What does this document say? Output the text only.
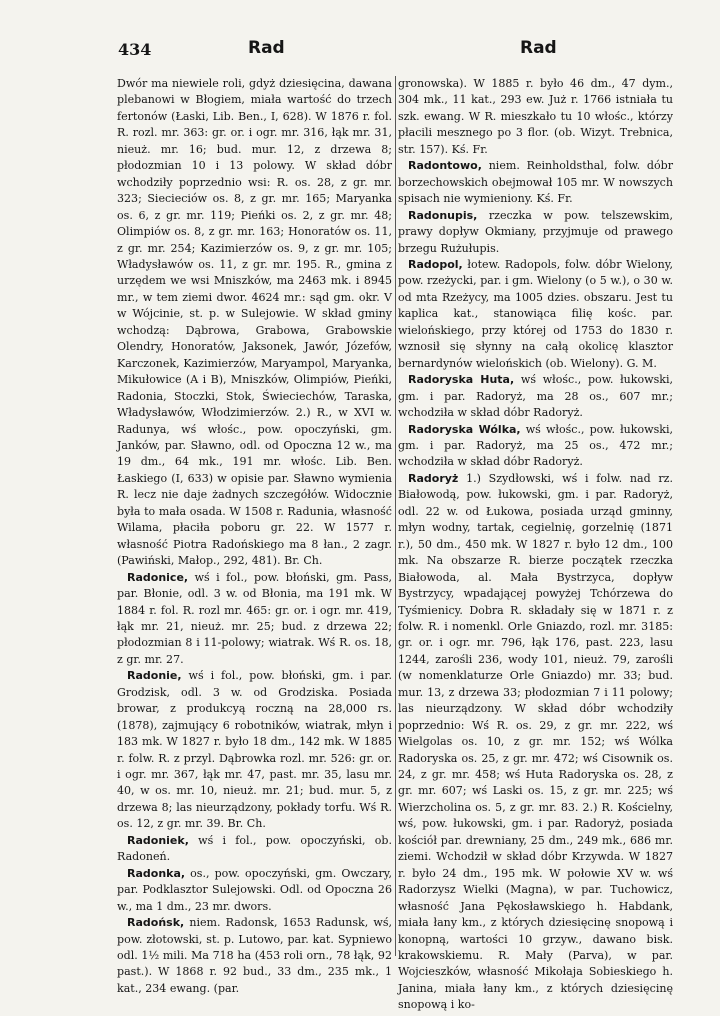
434	Rad	Rad

Dwór ma niewiele roli, gdyż dziesięcina, dawana plebanowi w Błogiem, miała wartość do trzech fertonów (Łaski, Lib. Ben., I, 628). W 1876 r. fol. R. rozl. mr. 363: gr. or. i ogr. mr. 316, łąk mr. 31, nieuż. mr. 16; bud. mur. 12, z drzewa 8; płodozmian 10 i 13 polowy. W skład dóbr wchodziły poprzednio wsi: R. os. 28, z gr. mr. 323; Siecieciów os. 8, z gr. mr. 165; Maryanka os. 6, z gr. mr. 119; Pieńki os. 2, z gr. mr. 48; Olimpiów os. 8, z gr. mr. 163; Honoratów os. 11, z gr. mr. 254; Kazimierzów os. 9, z gr. mr. 105; Władysławów os. 11, z gr. mr. 195. R., gmina z urzędem we wsi Mniszków, ma 2463 mk. i 8945 mr., w tem ziemi dwor. 4624 mr.: sąd gm. okr. V w Wójcinie, st. p. w Sulejowie. W skład gminy wchodzą: Dąbrowa, Grabowa, Grabowskie Olendry, Honoratów, Jaksonek, Jawór, Józefów, Karczonek, Kazimierzów, Maryampol, Maryanka, Mikułowice (A i B), Mniszków, Olimpiów, Pieńki, Radonia, Stoczki, Stok, Świeciechów, Taraska, Władysławów, Włodzimierzów. 2.) R., w XVI w. Radunya, wś włośc., pow. opoczyński, gm. Janków, par. Sławno, odl. od Opoczna 12 w., ma 19 dm., 64 mk., 191 mr. włośc. Lib. Ben. Łaskiego (I, 633) w opisie par. Sławno wymienia R. lecz nie daje żadnych szczegółów. Widocznie była to mała osada. W 1508 r. Radunia, własność Wilama, płaciła poboru gr. 22. W 1577 r. własność Piotra Radońskiego ma 8 łan., 2 zagr. (Pawiński, Małop., 292, 481). Br. Ch.

Radonice, wś i fol., pow. błoński, gm. Pass, par. Błonie, odl. 3 w. od Błonia, ma 191 mk. W 1884 r. fol. R. rozl mr. 465: gr. or. i ogr. mr. 419, łąk mr. 21, nieuż. mr. 25; bud. z drzewa 22; płodozmian 8 i 11-polowy; wiatrak. Wś R. os. 18, z gr. mr. 27.

Radonie, wś i fol., pow. błoński, gm. i par. Grodzisk, odl. 3 w. od Grodziska. Posiada browar, z produkcyą roczną na 28,000 rs. (1878), zajmujący 6 robotników, wiatrak, młyn i 183 mk. W 1827 r. było 18 dm., 142 mk. W 1885 r. folw. R. z przyl. Dąbrowka rozl. mr. 526: gr. or. i ogr. mr. 367, łąk mr. 47, past. mr. 35, lasu mr. 40, w os. mr. 10, nieuż. mr. 21; bud. mur. 5, z drzewa 8; las nieurządzony, pokłady torfu. Wś R. os. 12, z gr. mr. 39. Br. Ch.

Radoniek, wś i fol., pow. opoczyński, ob. Radoneń.

Radonka, os., pow. opoczyński, gm. Owczary, par. Podklasztor Sulejowski. Odl. od Opoczna 26 w., ma 1 dm., 23 mr. dwors.

Radońsk, niem. Radonsk, 1653 Radunsk, wś, pow. złotowski, st. p. Lutowo, par. kat. Sypniewo odl. 1½ mili. Ma 718 ha (453 roli orn., 78 łąk, 92 past.). W 1868 r. 92 bud., 33 dm., 235 mk., 1 kat., 234 ewang. (par.

gronowska). W 1885 r. było 46 dm., 47 dym., 304 mk., 11 kat., 293 ew. Już r. 1766 istniała tu szk. ewang. W R. mieszkało tu 10 włośc., którzy płacili mesznego po 3 flor. (ob. Wizyt. Trebnica, str. 157). Kś. Fr.

Radontowo, niem. Reinholdsthal, folw. dóbr borzechowskich obejmował 105 mr. W nowszych spisach nie wymieniony. Kś. Fr.

Radonupis, rzeczka w pow. telszewskim, prawy dopływ Okmiany, przyjmuje od prawego brzegu Rużułupis.

Radopol, łotew. Radopols, folw. dóbr Wielony, pow. rzeżycki, par. i gm. Wielony (o 5 w.), o 30 w. od mta Rzeżycy, ma 1005 dzies. obszaru. Jest tu kaplica kat., stanowiąca filię kośc. par. wielońskiego, przy której od 1753 do 1830 r. wznosił się słynny na całą okolicę klasztor bernardynów wielońskich (ob. Wielony). G. M.

Radoryska Huta, wś włośc., pow. łukowski, gm. i par. Radoryż, ma 28 os., 607 mr.; wchodziła w skład dóbr Radoryż.

Radoryska Wólka, wś włośc., pow. łukowski, gm. i par. Radoryż, ma 25 os., 472 mr.; wchodziła w skład dóbr Radoryż.

Radoryż 1.) Szydłowski, wś i folw. nad rz. Białowodą, pow. łukowski, gm. i par. Radoryż, odl. 22 w. od Łukowa, posiada urząd gminny, młyn wodny, tartak, cegielnię, gorzelnię (1871 r.), 50 dm., 450 mk. W 1827 r. było 12 dm., 100 mk. Na obszarze R. bierze początek rzeczka Białowoda, al. Mała Bystrzyca, dopływ Bystrzycy, wpadającej powyżej Tchórzewa do Tyśmienicy. Dobra R. składały się w 1871 r. z folw. R. i nomenkl. Orle Gniazdo, rozl. mr. 3185: gr. or. i ogr. mr. 796, łąk 176, past. 223, lasu 1244, zarośli 236, wody 101, nieuż. 79, zarośli (w nomenklaturze Orle Gniazdo) mr. 33; bud. mur. 13, z drzewa 33; płodozmian 7 i 11 polowy; las nieurządzony. W skład dóbr wchodziły poprzednio: Wś R. os. 29, z gr. mr. 222, wś Wielgolas os. 10, z gr. mr. 152; wś Wólka Radoryska os. 25, z gr. mr. 472; wś Cisownik os. 24, z gr. mr. 458; wś Huta Radoryska os. 28, z gr. mr. 607; wś Laski os. 15, z gr. mr. 225; wś Wierzcholina os. 5, z gr. mr. 83. 2.) R. Kościelny, wś, pow. łukowski, gm. i par. Radoryż, posiada kościół par. drewniany, 25 dm., 249 mk., 686 mr. ziemi. Wchodził w skład dóbr Krzywda. W 1827 r. było 24 dm., 195 mk. W połowie XV w. wś Radorzysz Wielki (Magna), w par. Tuchowicz, własność Jana Pękosławskiego h. Habdank, miała łany km., z których dziesięcinę snopową i konopną, wartości 10 grzyw., dawano bisk. krakowskiemu. R. Mały (Parva), w par. Wojcieszków, własność Mikołaja Sobieskiego h. Janina, miała łany km., z których dziesięcinę snopową i ko-
